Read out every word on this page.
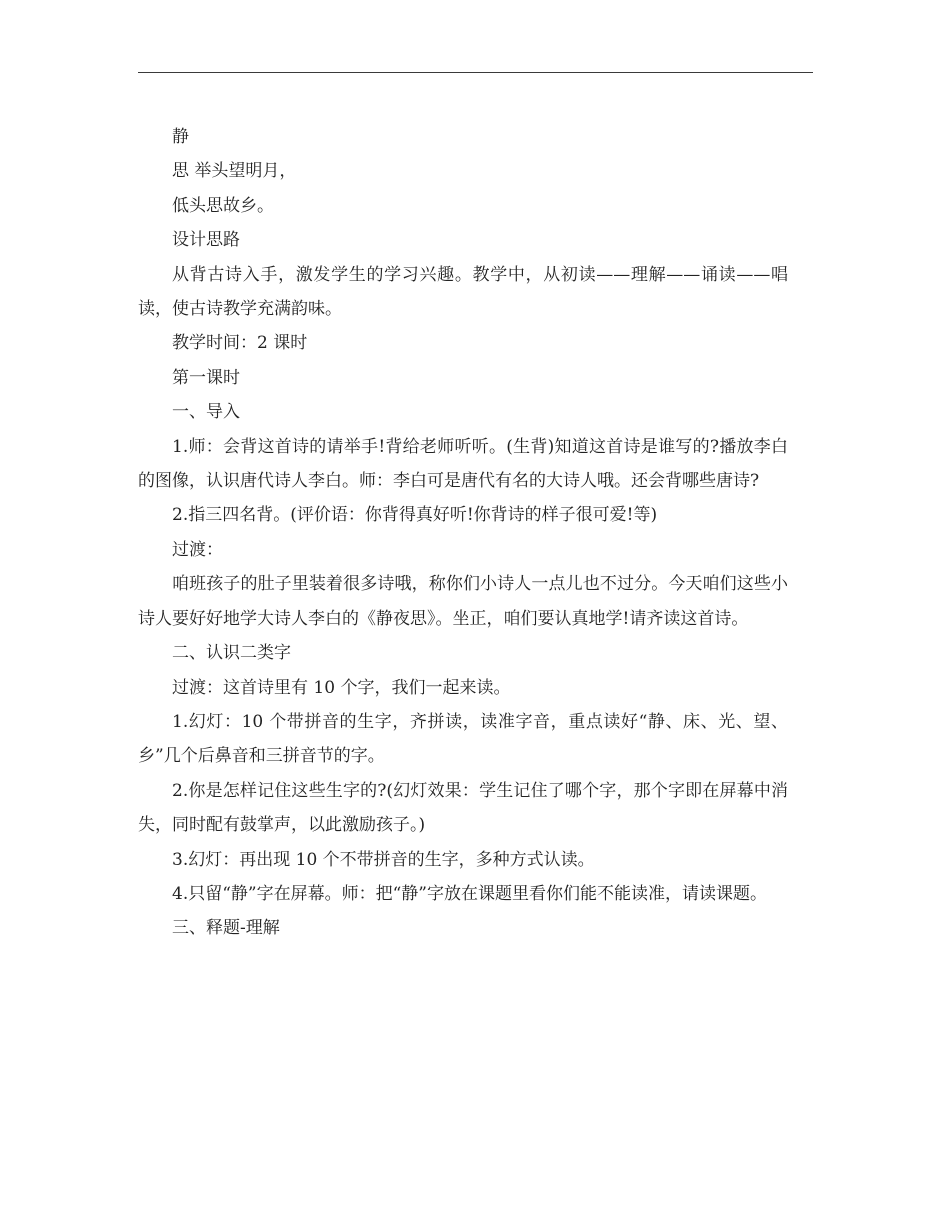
静

思 举头望明月，

低头思故乡。

设计思路

从背古诗入手，激发学生的学习兴趣。教学中，从初读——理解——诵读——唱读，使古诗教学充满韵味。

教学时间：2 课时

第一课时

一、导入

1.师：会背这首诗的请举手!背给老师听听。(生背)知道这首诗是谁写的?播放李白的图像，认识唐代诗人李白。师：李白可是唐代有名的大诗人哦。还会背哪些唐诗?

2.指三四名背。(评价语：你背得真好听!你背诗的样子很可爱!等)

过渡：

咱班孩子的肚子里装着很多诗哦，称你们小诗人一点儿也不过分。今天咱们这些小诗人要好好地学大诗人李白的《静夜思》。坐正，咱们要认真地学!请齐读这首诗。

二、认识二类字

过渡：这首诗里有 10 个字，我们一起来读。

1.幻灯：10 个带拼音的生字，齐拼读，读准字音，重点读好“静、床、光、望、乡”几个后鼻音和三拼音节的字。

2.你是怎样记住这些生字的?(幻灯效果：学生记住了哪个字，那个字即在屏幕中消失，同时配有鼓掌声，以此激励孩子。)

3.幻灯：再出现 10 个不带拼音的生字，多种方式认读。

4.只留“静”字在屏幕。师：把“静”字放在课题里看你们能不能读准，请读课题。

三、释题-理解
